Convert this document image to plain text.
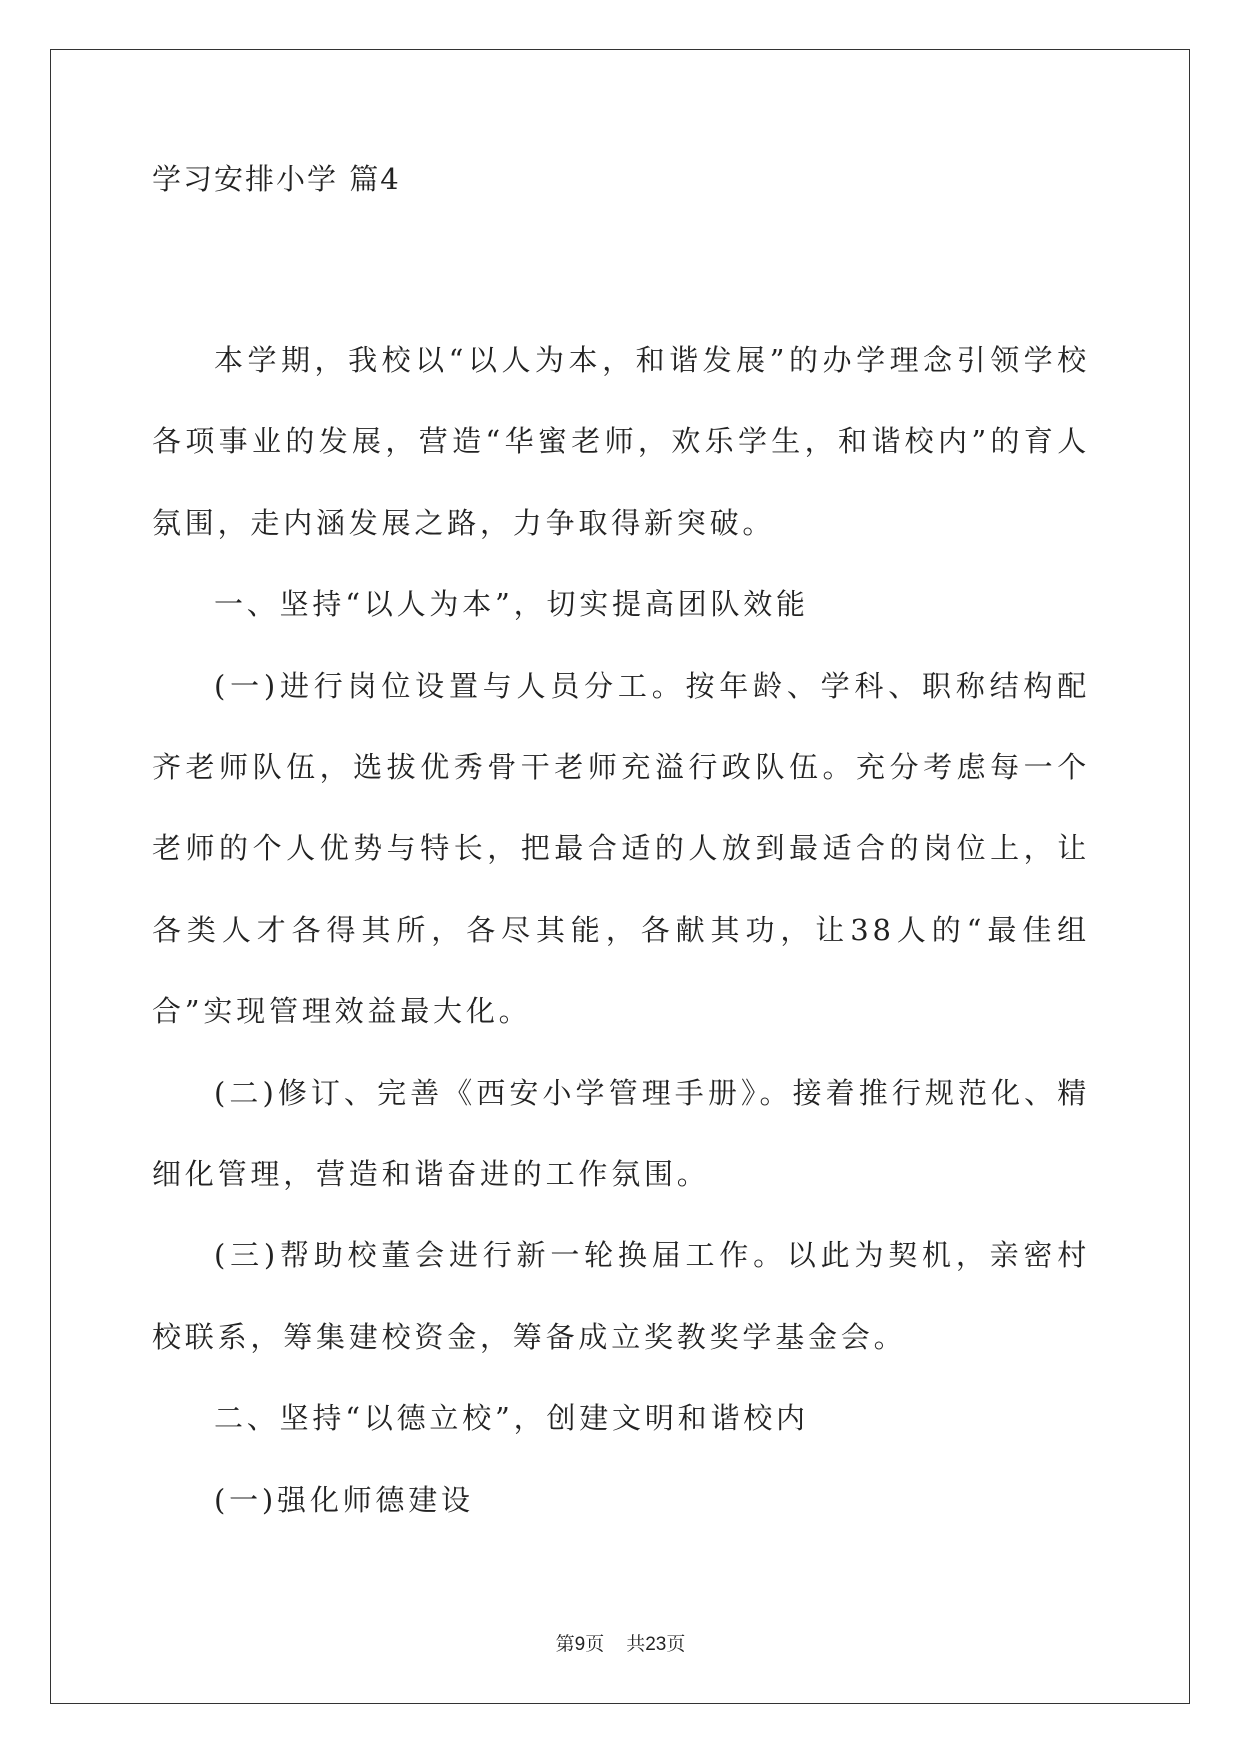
学习安排小学 篇4

本学期，我校以“以人为本，和谐发展”的办学理念引领学校各项事业的发展，营造“华蜜老师，欢乐学生，和谐校内”的育人氛围，走内涵发展之路，力争取得新突破。

一、坚持“以人为本”，切实提高团队效能

(一)进行岗位设置与人员分工。按年龄、学科、职称结构配齐老师队伍，选拔优秀骨干老师充溢行政队伍。充分考虑每一个老师的个人优势与特长，把最合适的人放到最适合的岗位上，让各类人才各得其所，各尽其能，各献其功，让38人的“最佳组合”实现管理效益最大化。

(二)修订、完善《西安小学管理手册》。接着推行规范化、精细化管理，营造和谐奋进的工作氛围。

(三)帮助校董会进行新一轮换届工作。以此为契机，亲密村校联系，筹集建校资金，筹备成立奖教奖学基金会。

二、坚持“以德立校”，创建文明和谐校内

(一)强化师德建设

第9页 共23页
